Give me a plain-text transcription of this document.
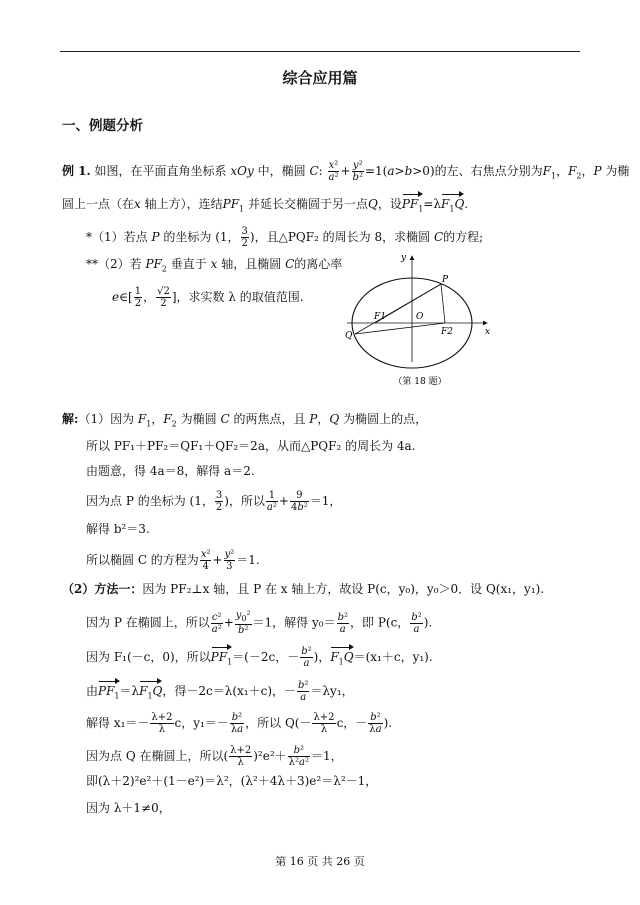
综合应用篇
一、例题分析
例 1. 如图，在平面直角坐标系 xOy 中，椭圆 C: $\frac{\text{x²}}{\text{a²}} + \frac{\text{y²}}{\text{b²}} =1(a>b>0)$的左、右焦点分别为$F_1$，$F_2$，P 为椭
圆上一点（在x 轴上方），连结$PF_1$ 并延长交椭圆于另一点Q，设$PF_1=\lambda F_1Q$.
*（1）若点 P 的坐标为 (1， $\frac{3}{2}$ )，且△PQF₂ 的周长为 8，求椭圆 C的方程;
**（2）若 $PF_2$ 垂直于 x 轴，且椭圆 C的离心率
e∈[ $\frac{1}{2}$ ， $\frac{√2}{2}$ ]，求实数 λ 的取值范围.
y
x
P
O
F1
F2
Q
（第 18 题）
解:（1）因为 $F_1$，$F_2$ 为椭圆 C 的两焦点，且 P，Q 为椭圆上的点，
所以 PF₁＋PF₂＝QF₁＋QF₂＝2a，从而△PQF₂ 的周长为 4a.
由题意，得 4a＝8，解得 a＝2.
因为点 P 的坐标为 (1， $\frac{3}{2}$ )，所以 $\frac{1}{\text{a²}} + \frac{9}{\text{4b²}} =1$，
解得 b²＝3.
所以椭圆 C 的方程为 $\frac{\text{x²}}{4} + \frac{\text{y²}}{3} =1$.
（2）方法一：因为 PF₂⊥x 轴，且 P 在 x 轴上方，故设 P(c，y₀)，y₀＞0．设 Q(x₁，y₁).
因为 P 在椭圆上，所以 $\frac{\text{c²}}{\text{a²}} + \frac{y_0^2}{\text{b²}} =1$，解得 $y_0= \frac{\text{b²}}{a}$ ，即 P(c， $\frac{\text{b²}}{a}$ ).
因为 F₁(－c，0)，所以$PF_1=(-2c$，－ $\frac{\text{b²}}{a}$ )，$F_1Q=(x_1+c$，y₁).
由$PF_1=\lambda F_1Q$，得－2c＝λ(x₁＋c)，－ $\frac{\text{b²}}{a} =\lambda y_1$，
解得 $x_1=- \frac{\lambda+2}{\lambda}$ c，$y_1=- \frac{\text{b²}}{\lambda a}$ ，所以 $Q(- \frac{\lambda+2}{\lambda}$ c，－ $\frac{\text{b²}}{\lambda a}$ ).
因为点 Q 在椭圆上，所以( $\frac{\lambda+2}{\lambda} )^2e^2+ \frac{\text{b²}}{\text{λ²a²}} =1$，
即(λ＋2)²e²＋(1－e²)＝λ²，(λ²＋4λ＋3)e²＝λ²－1，
因为 λ＋1≠0，
第 16 页 共 26 页
